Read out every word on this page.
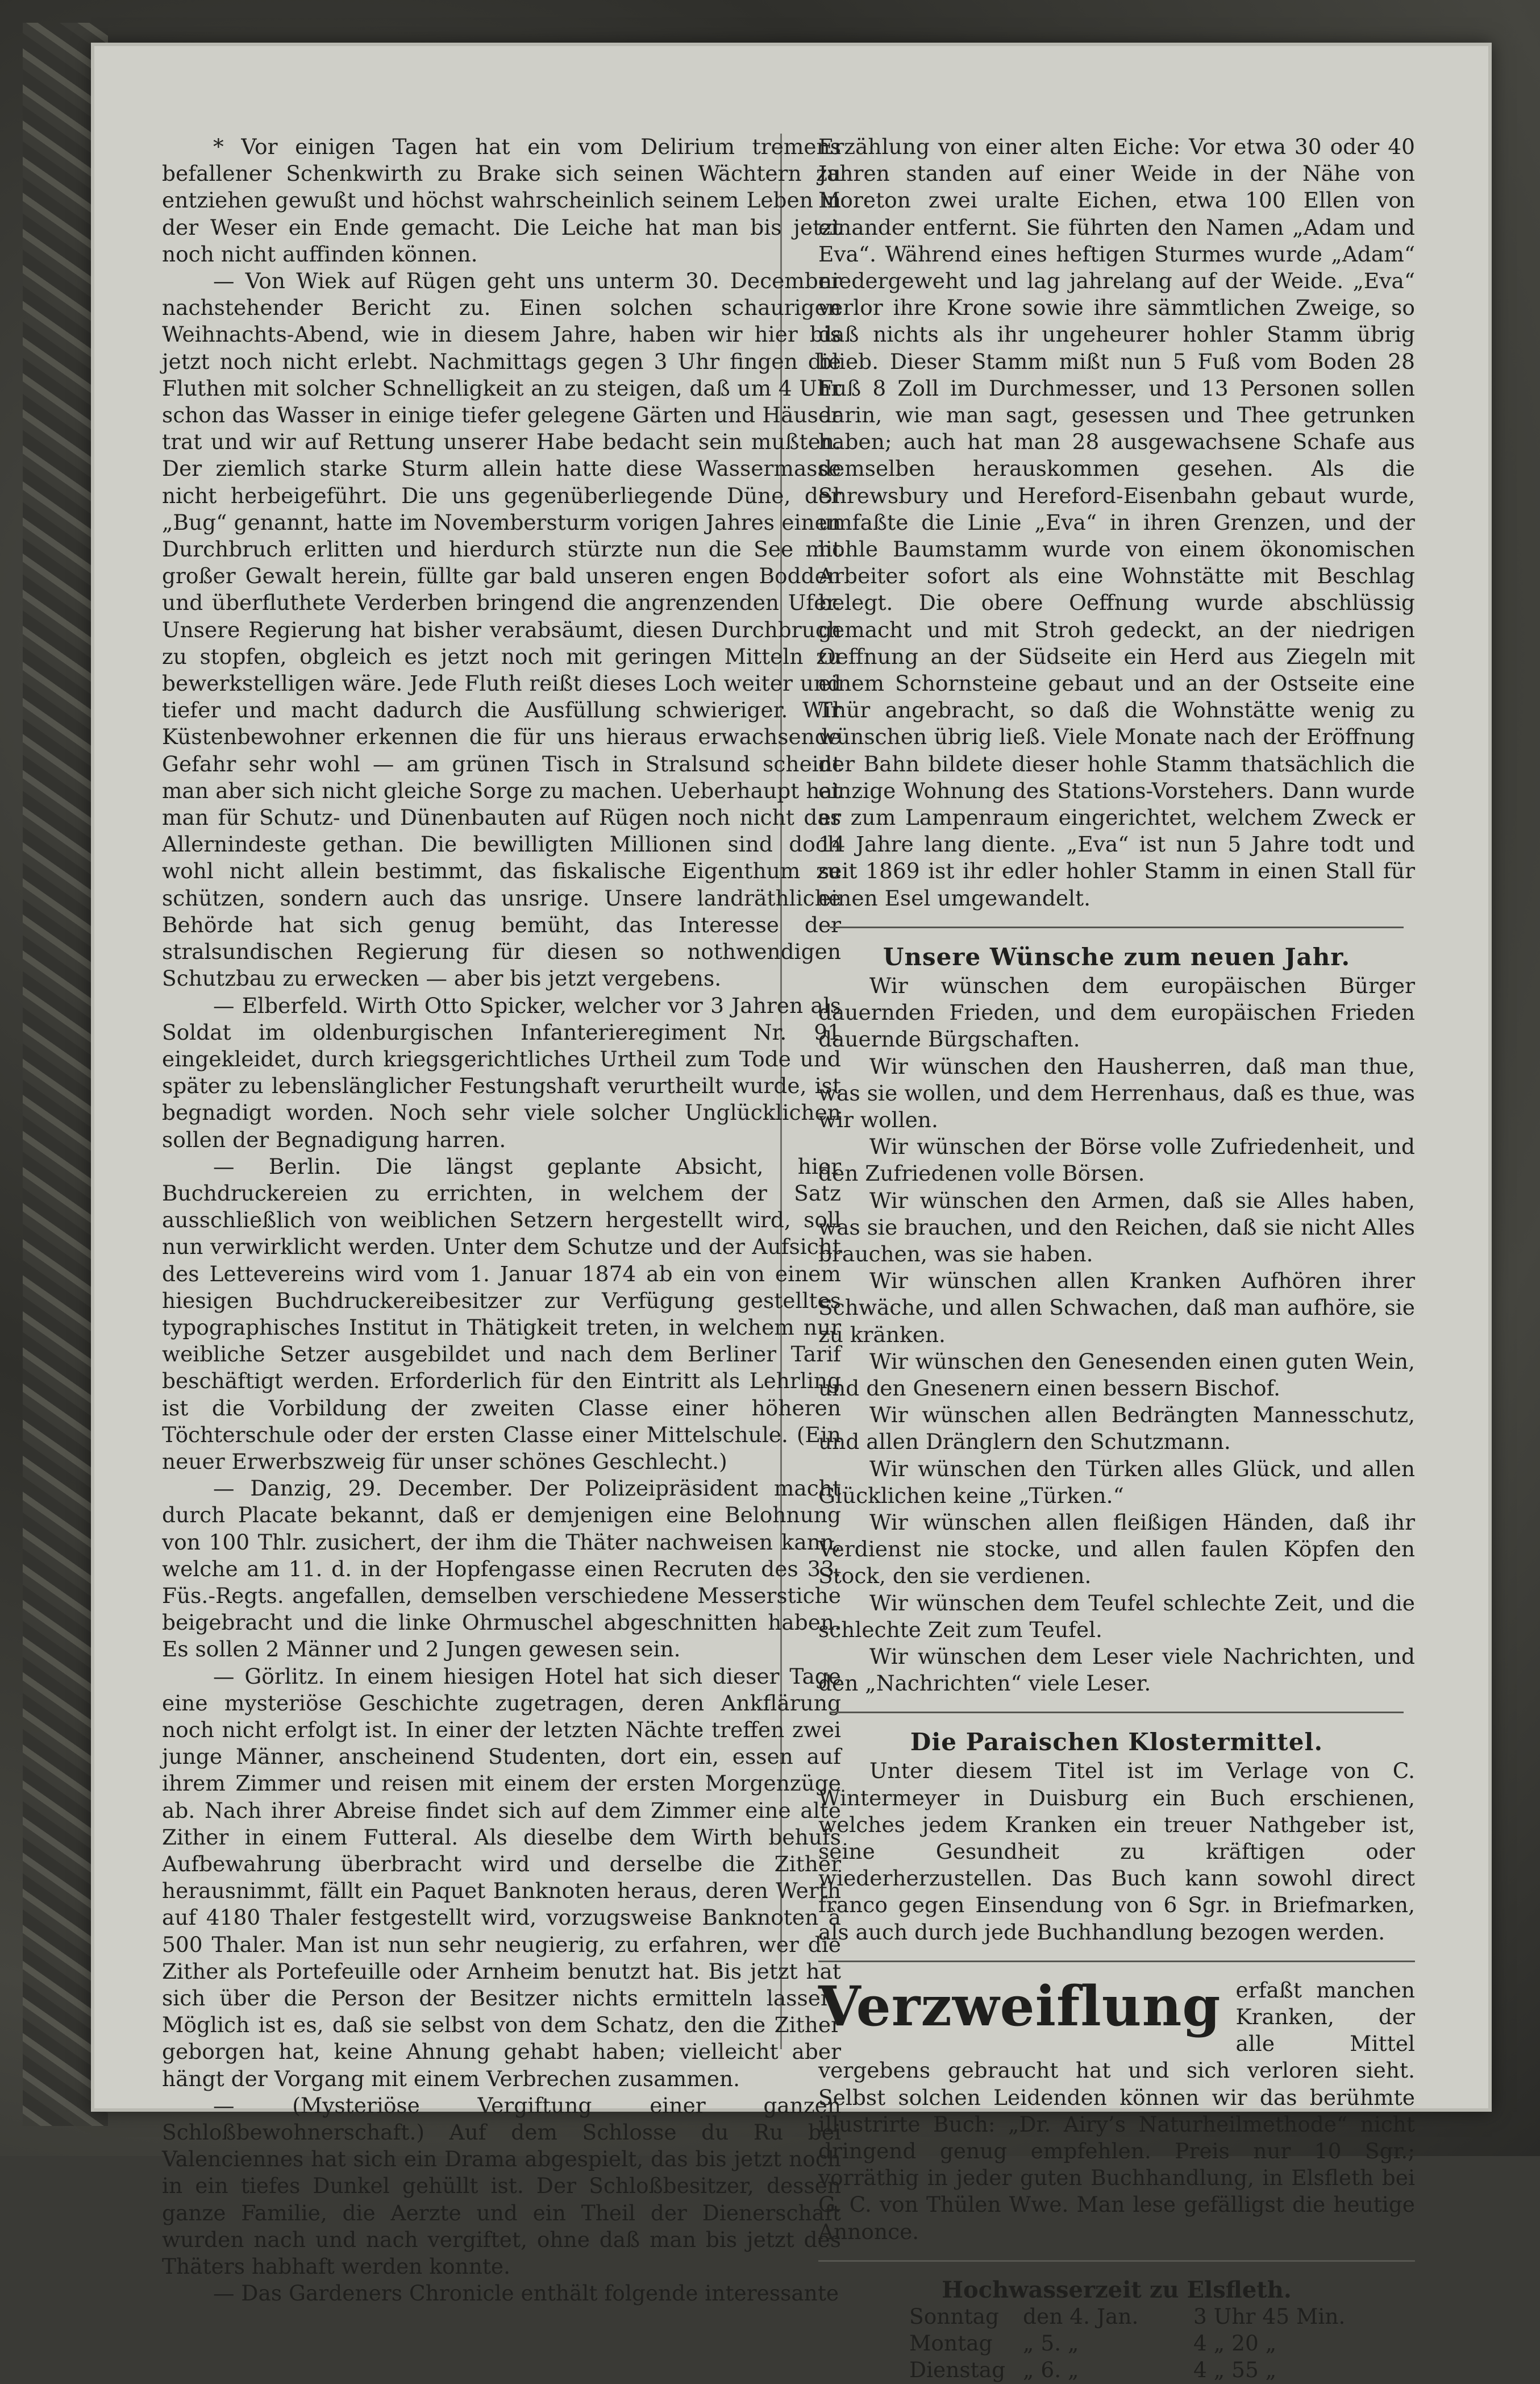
* Vor einigen Tagen hat ein vom Delirium tremens befallener Schenkwirth zu Brake sich seinen Wächtern zu entziehen gewußt und höchst wahrscheinlich seinem Leben in der Weser ein Ende gemacht. Die Leiche hat man bis jetzt noch nicht auffinden können.

— Von Wiek auf Rügen geht uns unterm 30. December nachstehender Bericht zu. Einen solchen schaurigen Weihnachts-Abend, wie in diesem Jahre, haben wir hier bis jetzt noch nicht erlebt. Nachmittags gegen 3 Uhr fingen die Fluthen mit solcher Schnelligkeit an zu steigen, daß um 4 Uhr schon das Wasser in einige tiefer gelegene Gärten und Häuser trat und wir auf Rettung unserer Habe bedacht sein mußten. Der ziemlich starke Sturm allein hatte diese Wassermasse nicht herbeigeführt. Die uns gegenüberliegende Düne, der „Bug“ genannt, hatte im Novembersturm vorigen Jahres einen Durchbruch erlitten und hierdurch stürzte nun die See mit großer Gewalt herein, füllte gar bald unseren engen Bodden und überfluthete Verderben bringend die angrenzenden Ufer. Unsere Regierung hat bisher verabsäumt, diesen Durchbruch zu stopfen, obgleich es jetzt noch mit geringen Mitteln zu bewerkstelligen wäre. Jede Fluth reißt dieses Loch weiter und tiefer und macht dadurch die Ausfüllung schwieriger. Wir Küstenbewohner erkennen die für uns hieraus erwachsende Gefahr sehr wohl — am grünen Tisch in Stralsund scheint man aber sich nicht gleiche Sorge zu machen. Ueberhaupt hat man für Schutz- und Dünenbauten auf Rügen noch nicht das Allernindeste gethan. Die bewilligten Millionen sind doch wohl nicht allein bestimmt, das fiskalische Eigenthum zu schützen, sondern auch das unsrige. Unsere landräthliche Behörde hat sich genug bemüht, das Interesse der stralsundischen Regierung für diesen so nothwendigen Schutzbau zu erwecken — aber bis jetzt vergebens.

— Elberfeld. Wirth Otto Spicker, welcher vor 3 Jahren als Soldat im oldenburgischen Infanterieregiment Nr. 91 eingekleidet, durch kriegsgerichtliches Urtheil zum Tode und später zu lebenslänglicher Festungshaft verurtheilt wurde, ist begnadigt worden. Noch sehr viele solcher Unglücklichen sollen der Begnadigung harren.

— Berlin. Die längst geplante Absicht, hier Buchdruckereien zu errichten, in welchem der Satz ausschließlich von weiblichen Setzern hergestellt wird, soll nun verwirklicht werden. Unter dem Schutze und der Aufsicht des Lettevereins wird vom 1. Januar 1874 ab ein von einem hiesigen Buchdruckereibesitzer zur Verfügung gestelltes typographisches Institut in Thätigkeit treten, in welchem nur weibliche Setzer ausgebildet und nach dem Berliner Tarif beschäftigt werden. Erforderlich für den Eintritt als Lehrling ist die Vorbildung der zweiten Classe einer höheren Töchterschule oder der ersten Classe einer Mittelschule. (Ein neuer Erwerbszweig für unser schönes Geschlecht.)

— Danzig, 29. December. Der Polizeipräsident macht durch Placate bekannt, daß er demjenigen eine Belohnung von 100 Thlr. zusichert, der ihm die Thäter nachweisen kann, welche am 11. d. in der Hopfengasse einen Recruten des 33. Füs.-Regts. angefallen, demselben verschiedene Messerstiche beigebracht und die linke Ohrmuschel abgeschnitten haben. Es sollen 2 Männer und 2 Jungen gewesen sein.

— Görlitz. In einem hiesigen Hotel hat sich dieser Tage eine mysteriöse Geschichte zugetragen, deren Ankflärung noch nicht erfolgt ist. In einer der letzten Nächte treffen zwei junge Männer, anscheinend Studenten, dort ein, essen auf ihrem Zimmer und reisen mit einem der ersten Morgenzüge ab. Nach ihrer Abreise findet sich auf dem Zimmer eine alte Zither in einem Futteral. Als dieselbe dem Wirth behufs Aufbewahrung überbracht wird und derselbe die Zither herausnimmt, fällt ein Paquet Banknoten heraus, deren Werth auf 4180 Thaler festgestellt wird, vorzugsweise Banknoten à 500 Thaler. Man ist nun sehr neugierig, zu erfahren, wer die Zither als Portefeuille oder Arnheim benutzt hat. Bis jetzt hat sich über die Person der Besitzer nichts ermitteln lassen. Möglich ist es, daß sie selbst von dem Schatz, den die Zither geborgen hat, keine Ahnung gehabt haben; vielleicht aber hängt der Vorgang mit einem Verbrechen zusammen.

— (Mysteriöse Vergiftung einer ganzen Schloßbewohnerschaft.) Auf dem Schlosse du Ru bei Valenciennes hat sich ein Drama abgespielt, das bis jetzt noch in ein tiefes Dunkel gehüllt ist. Der Schloßbesitzer, dessen ganze Familie, die Aerzte und ein Theil der Dienerschaft wurden nach und nach vergiftet, ohne daß man bis jetzt des Thäters habhaft werden konnte.

— Das Gardeners Chronicle enthält folgende interessante

Erzählung von einer alten Eiche: Vor etwa 30 oder 40 Jahren standen auf einer Weide in der Nähe von Moreton zwei uralte Eichen, etwa 100 Ellen von einander entfernt. Sie führten den Namen „Adam und Eva“. Während eines heftigen Sturmes wurde „Adam“ niedergeweht und lag jahrelang auf der Weide. „Eva“ verlor ihre Krone sowie ihre sämmtlichen Zweige, so daß nichts als ihr ungeheurer hohler Stamm übrig blieb. Dieser Stamm mißt nun 5 Fuß vom Boden 28 Fuß 8 Zoll im Durchmesser, und 13 Personen sollen darin, wie man sagt, gesessen und Thee getrunken haben; auch hat man 28 ausgewachsene Schafe aus demselben herauskommen gesehen. Als die Shrewsbury und Hereford-Eisenbahn gebaut wurde, umfaßte die Linie „Eva“ in ihren Grenzen, und der hohle Baumstamm wurde von einem ökonomischen Arbeiter sofort als eine Wohnstätte mit Beschlag belegt. Die obere Oeffnung wurde abschlüssig gemacht und mit Stroh gedeckt, an der niedrigen Oeffnung an der Südseite ein Herd aus Ziegeln mit einem Schornsteine gebaut und an der Ostseite eine Thür angebracht, so daß die Wohnstätte wenig zu wünschen übrig ließ. Viele Monate nach der Eröffnung der Bahn bildete dieser hohle Stamm thatsächlich die einzige Wohnung des Stations-Vorstehers. Dann wurde er zum Lampenraum eingerichtet, welchem Zweck er 14 Jahre lang diente. „Eva“ ist nun 5 Jahre todt und seit 1869 ist ihr edler hohler Stamm in einen Stall für einen Esel umgewandelt.

Unsere Wünsche zum neuen Jahr.

Wir wünschen dem europäischen Bürger dauernden Frieden, und dem europäischen Frieden dauernde Bürgschaften.

Wir wünschen den Hausherren, daß man thue, was sie wollen, und dem Herrenhaus, daß es thue, was wir wollen.

Wir wünschen der Börse volle Zufriedenheit, und den Zufriedenen volle Börsen.

Wir wünschen den Armen, daß sie Alles haben, was sie brauchen, und den Reichen, daß sie nicht Alles brauchen, was sie haben.

Wir wünschen allen Kranken Aufhören ihrer Schwäche, und allen Schwachen, daß man aufhöre, sie zu kränken.

Wir wünschen den Genesenden einen guten Wein, und den Gnesenern einen bessern Bischof.

Wir wünschen allen Bedrängten Mannesschutz, und allen Dränglern den Schutzmann.

Wir wünschen den Türken alles Glück, und allen Glücklichen keine „Türken.“

Wir wünschen allen fleißigen Händen, daß ihr Verdienst nie stocke, und allen faulen Köpfen den Stock, den sie verdienen.

Wir wünschen dem Teufel schlechte Zeit, und die schlechte Zeit zum Teufel.

Wir wünschen dem Leser viele Nachrichten, und den „Nachrichten“ viele Leser.

Die Paraischen Klostermittel.

Unter diesem Titel ist im Verlage von C. Wintermeyer in Duisburg ein Buch erschienen, welches jedem Kranken ein treuer Nathgeber ist, seine Gesundheit zu kräftigen oder wiederherzustellen. Das Buch kann sowohl direct franco gegen Einsendung von 6 Sgr. in Briefmarken, als auch durch jede Buchhandlung bezogen werden.

Verzweiflung erfaßt manchen Kranken, der alle Mittel vergebens gebraucht hat und sich verloren sieht. Selbst solchen Leidenden können wir das berühmte illustrirte Buch: „Dr. Airy’s Naturheilmethode“ nicht dringend genug empfehlen. Preis nur 10 Sgr.; vorräthig in jeder guten Buchhandlung, in Elsfleth bei G. C. von Thülen Wwe. Man lese gefälligst die heutige Annonce.

Hochwasserzeit zu Elsfleth.
Sonntag	den 4. Jan.	3 Uhr 45 Min.
Montag	„ 5. „	4 „ 20 „
Dienstag „ 6. „	4 „ 55 „
